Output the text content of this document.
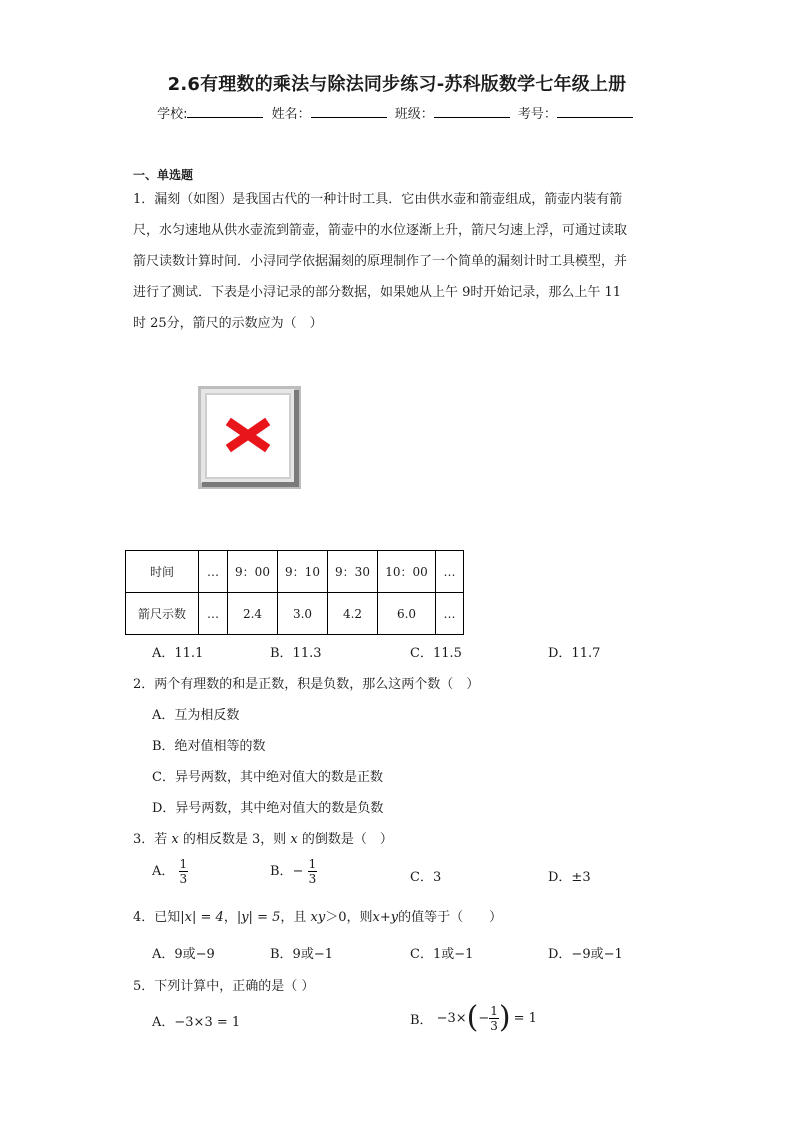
2.6有理数的乘法与除法同步练习-苏科版数学七年级上册
学校:	姓名：	班级：	考号：
一、单选题
1．漏刻（如图）是我国古代的一种计时工具．它由供水壶和箭壶组成，箭壶内装有箭
尺，水匀速地从供水壶流到箭壶，箭壶中的水位逐渐上升，箭尺匀速上浮，可通过读取
箭尺读数计算时间．小浔同学依据漏刻的原理制作了一个简单的漏刻计时工具模型，并
进行了测试．下表是小浔记录的部分数据，如果她从上午 9时开始记录，那么上午 11
时 25分，箭尺的示数应为（　）
时间	…	9：00	9：10	9：30	10：00	…
箭尺示数	…	2.4	3.0	4.2	6.0	…
A．11.1	B．11.3	C．11.5	D．11.7
2．两个有理数的和是正数，积是负数，那么这两个数（　）
A．互为相反数
B．绝对值相等的数
C．异号两数，其中绝对值大的数是正数
D．异号两数，其中绝对值大的数是负数
3．若 x 的相反数是 3，则 x 的倒数是（　）
A． $\frac{1}{3}$	B．− $\frac{1}{3}$	C．3	D．±3
4．已知|x| = 4，|y| = 5，且 xy＞0，则x+y的值等于（　　）
A．9或−9	B．9或−1	C．1或−1	D．−9或−1
5．下列计算中，正确的是（ ）
A．−3×3 = 1	B． −3× ( − $\frac{1}{3}$ ) = 1
